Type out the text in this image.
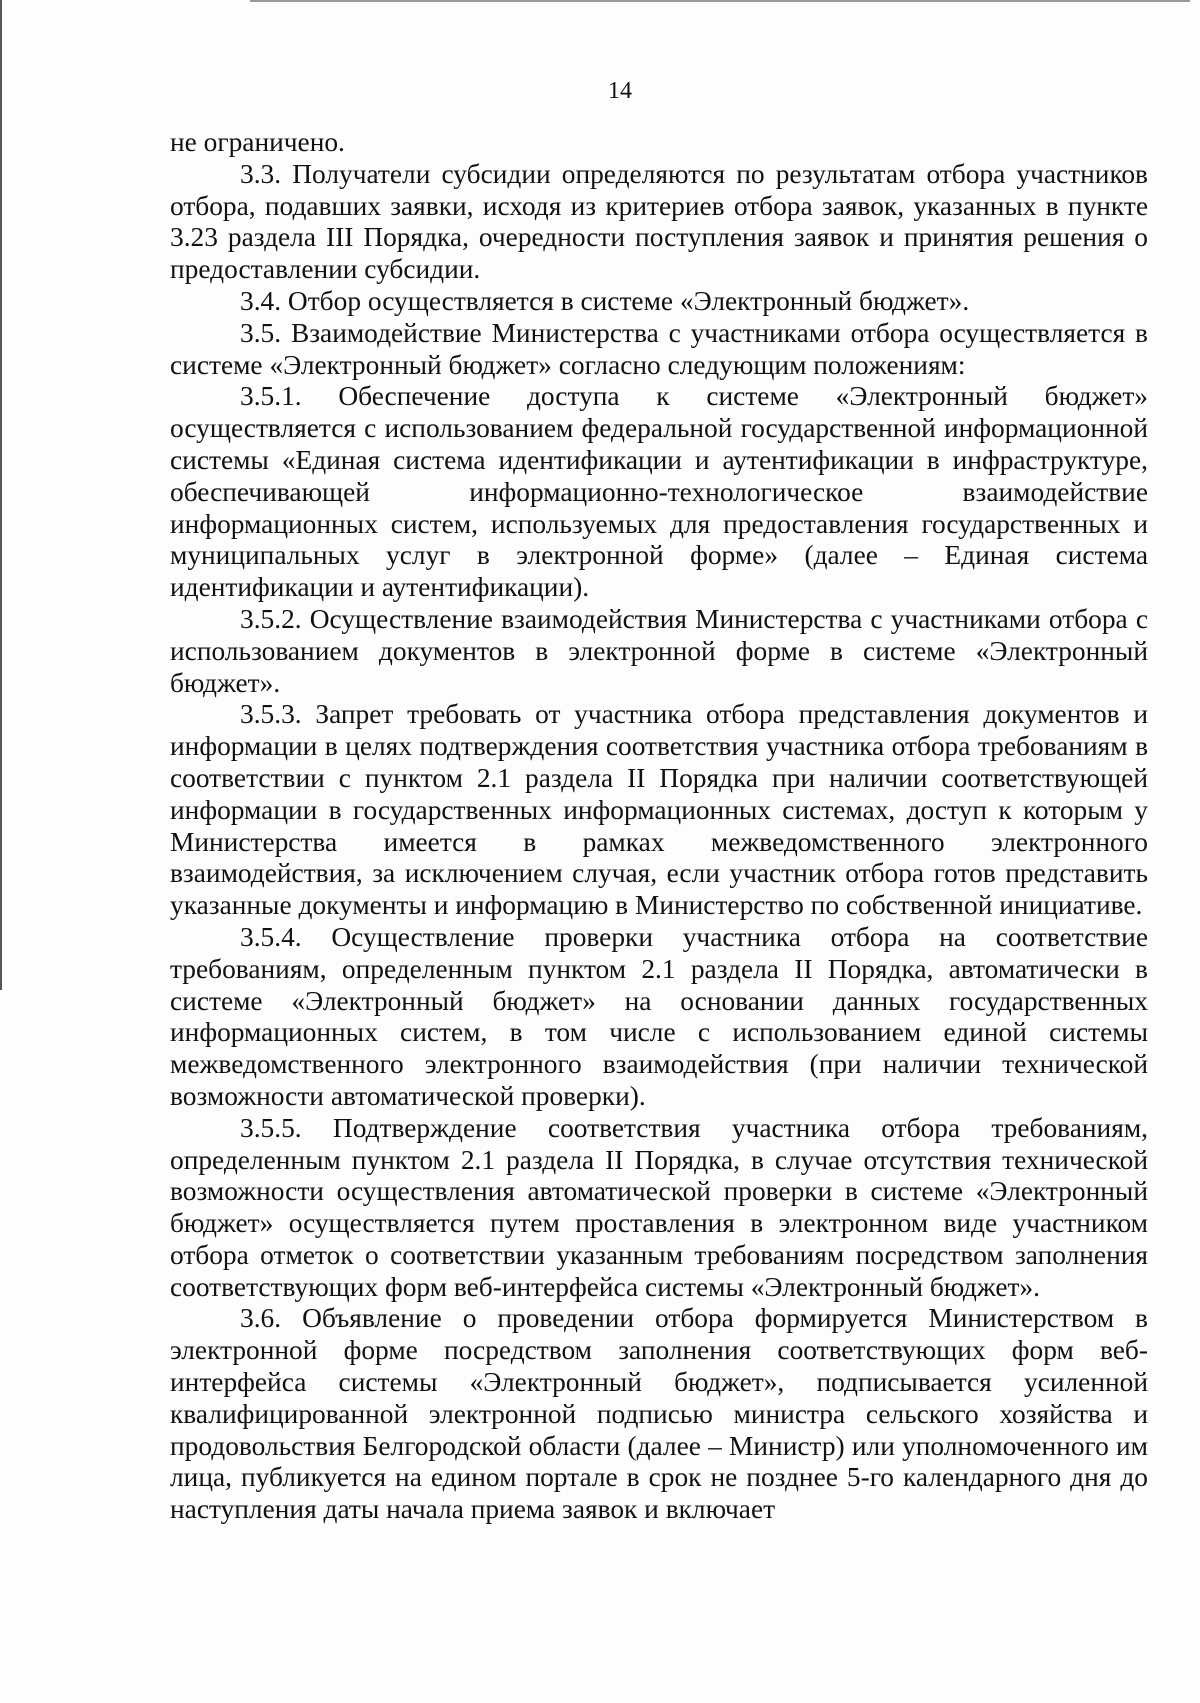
14

не ограничено.

3.3. Получатели субсидии определяются по результатам отбора участников отбора, подавших заявки, исходя из критериев отбора заявок, указанных в пункте 3.23 раздела III Порядка, очередности поступления заявок и принятия решения о предоставлении субсидии.

3.4. Отбор осуществляется в системе «Электронный бюджет».

3.5. Взаимодействие Министерства с участниками отбора осуществляется в системе «Электронный бюджет» согласно следующим положениям:

3.5.1. Обеспечение доступа к системе «Электронный бюджет» осуществляется с использованием федеральной государственной информационной системы «Единая система идентификации и аутентификации в инфраструктуре, обеспечивающей информационно-технологическое взаимодействие информационных систем, используемых для предоставления государственных и муниципальных услуг в электронной форме» (далее – Единая система идентификации и аутентификации).

3.5.2. Осуществление взаимодействия Министерства с участниками отбора с использованием документов в электронной форме в системе «Электронный бюджет».

3.5.3. Запрет требовать от участника отбора представления документов и информации в целях подтверждения соответствия участника отбора требованиям в соответствии с пунктом 2.1 раздела II Порядка при наличии соответствующей информации в государственных информационных системах, доступ к которым у Министерства имеется в рамках межведомственного электронного взаимодействия, за исключением случая, если участник отбора готов представить указанные документы и информацию в Министерство по собственной инициативе.

3.5.4. Осуществление проверки участника отбора на соответствие требованиям, определенным пунктом 2.1 раздела II Порядка, автоматически в системе «Электронный бюджет» на основании данных государственных информационных систем, в том числе с использованием единой системы межведомственного электронного взаимодействия (при наличии технической возможности автоматической проверки).

3.5.5. Подтверждение соответствия участника отбора требованиям, определенным пунктом 2.1 раздела II Порядка, в случае отсутствия технической возможности осуществления автоматической проверки в системе «Электронный бюджет» осуществляется путем проставления в электронном виде участником отбора отметок о соответствии указанным требованиям посредством заполнения соответствующих форм веб-интерфейса системы «Электронный бюджет».

3.6. Объявление о проведении отбора формируется Министерством в электронной форме посредством заполнения соответствующих форм веб-интерфейса системы «Электронный бюджет», подписывается усиленной квалифицированной электронной подписью министра сельского хозяйства и продовольствия Белгородской области (далее – Министр) или уполномоченного им лица, публикуется на едином портале в срок не позднее 5-го календарного дня до наступления даты начала приема заявок и включает
